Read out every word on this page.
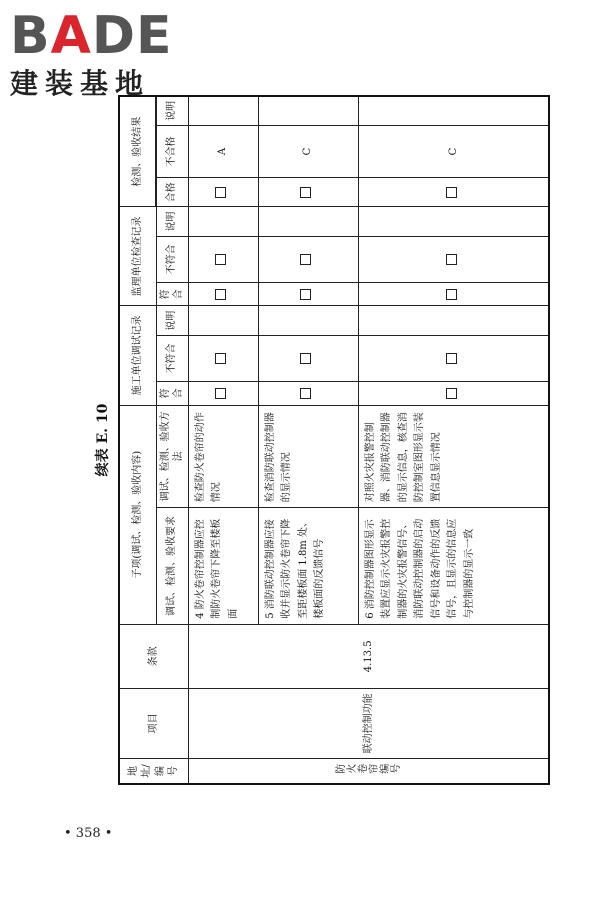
BADE
建装基地
续表 E. 10
地址/编号	项目	条款	子项(调试、检测、验收内容)		施工单位调试记录			监理单位检查记录			检测、验收结果		

			调试、检测、验收要求	调试、检测、验收方法	符合	不符合	说明	符合	不符合	说明	合格	不合格	说明

防火卷帘编号	联动控制功能	4.13.5	4 防火卷帘控制器应控制防火卷帘下降至楼板面	检查防火卷帘的动作情况								A	
			5 消防联动控制器应接收并显示防火卷帘下降至距楼板面 1.8m 处、楼板面的反馈信号	检查消防联动控制器的显示情况								C	
			6 消防控制器图形显示装置应显示火灾报警控制器的火灾报警信号、消防联动控制器的启动信号和设备动作的反馈信号，且显示的信息应与控制器的显示一致	对照火灾报警控制器、消防联动控制器的显示信息，核查消防控制室图形显示装置信息显示情况								C	
• 358 •
